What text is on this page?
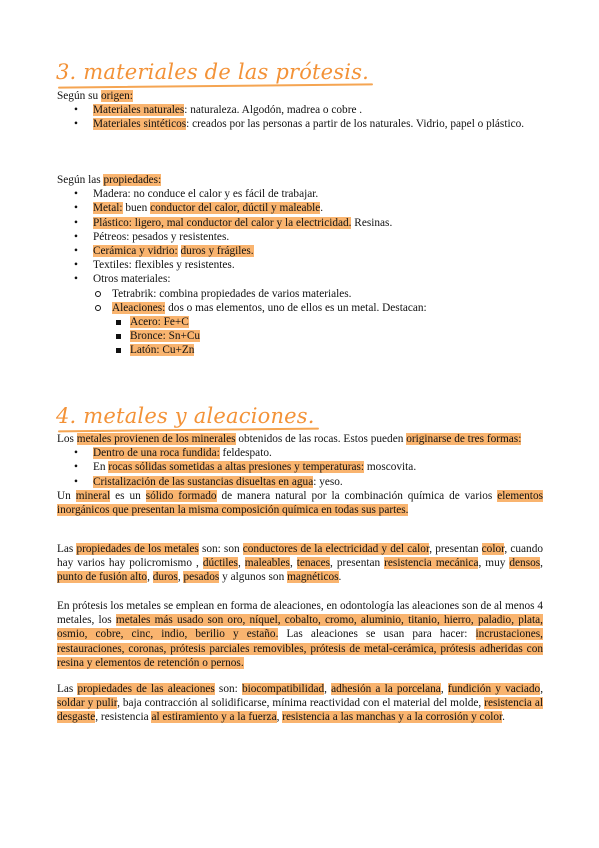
3. materiales de las prótesis.

Según su origen:

• Materiales naturales: naturaleza. Algodón, madrea o cobre .
• Materiales sintéticos: creados por las personas a partir de los naturales. Vidrio, papel o plástico.

Según las propiedades:

• Madera: no conduce el calor y es fácil de trabajar.
• Metal: buen conductor del calor, dúctil y maleable.
• Plástico: ligero, mal conductor del calor y la electricidad. Resinas.
• Pétreos: pesados y resistentes.
• Cerámica y vidrio: duros y frágiles.
• Textiles: flexibles y resistentes.
• Otros materiales:
Tetrabrik: combina propiedades de varios materiales.
Aleaciones: dos o mas elementos, uno de ellos es un metal. Destacan:
Acero: Fe+C
Bronce: Sn+Cu
Latón: Cu+Zn
4. metales y aleaciones.

Los metales provienen de los minerales obtenidos de las rocas. Estos pueden originarse de tres formas:

• Dentro de una roca fundida: feldespato.
• En rocas sólidas sometidas a altas presiones y temperaturas: moscovita.
• Cristalización de las sustancias disueltas en agua: yeso.

Un mineral es un sólido formado de manera natural por la combinación química de varios elementos inorgánicos que presentan la misma composición química en todas sus partes.

Las propiedades de los metales son: son conductores de la electricidad y del calor, presentan color, cuando hay varios hay policromismo , dúctiles, maleables, tenaces, presentan resistencia mecánica, muy densos, punto de fusión alto, duros, pesados y algunos son magnéticos.

En prótesis los metales se emplean en forma de aleaciones, en odontología las aleaciones son de al menos 4 metales, los metales más usado son oro, níquel, cobalto, cromo, aluminio, titanio, hierro, paladio, plata, osmio, cobre, cinc, indio, berilio y estaño. Las aleaciones se usan para hacer: incrustaciones, restauraciones, coronas, prótesis parciales removibles, prótesis de metal-cerámica, prótesis adheridas con resina y elementos de retención o pernos.

Las propiedades de las aleaciones son: biocompatibilidad, adhesión a la porcelana, fundición y vaciado, soldar y pulir, baja contracción al solidificarse, mínima reactividad con el material del molde, resistencia al desgaste, resistencia al estiramiento y a la fuerza, resistencia a las manchas y a la corrosión y color.
